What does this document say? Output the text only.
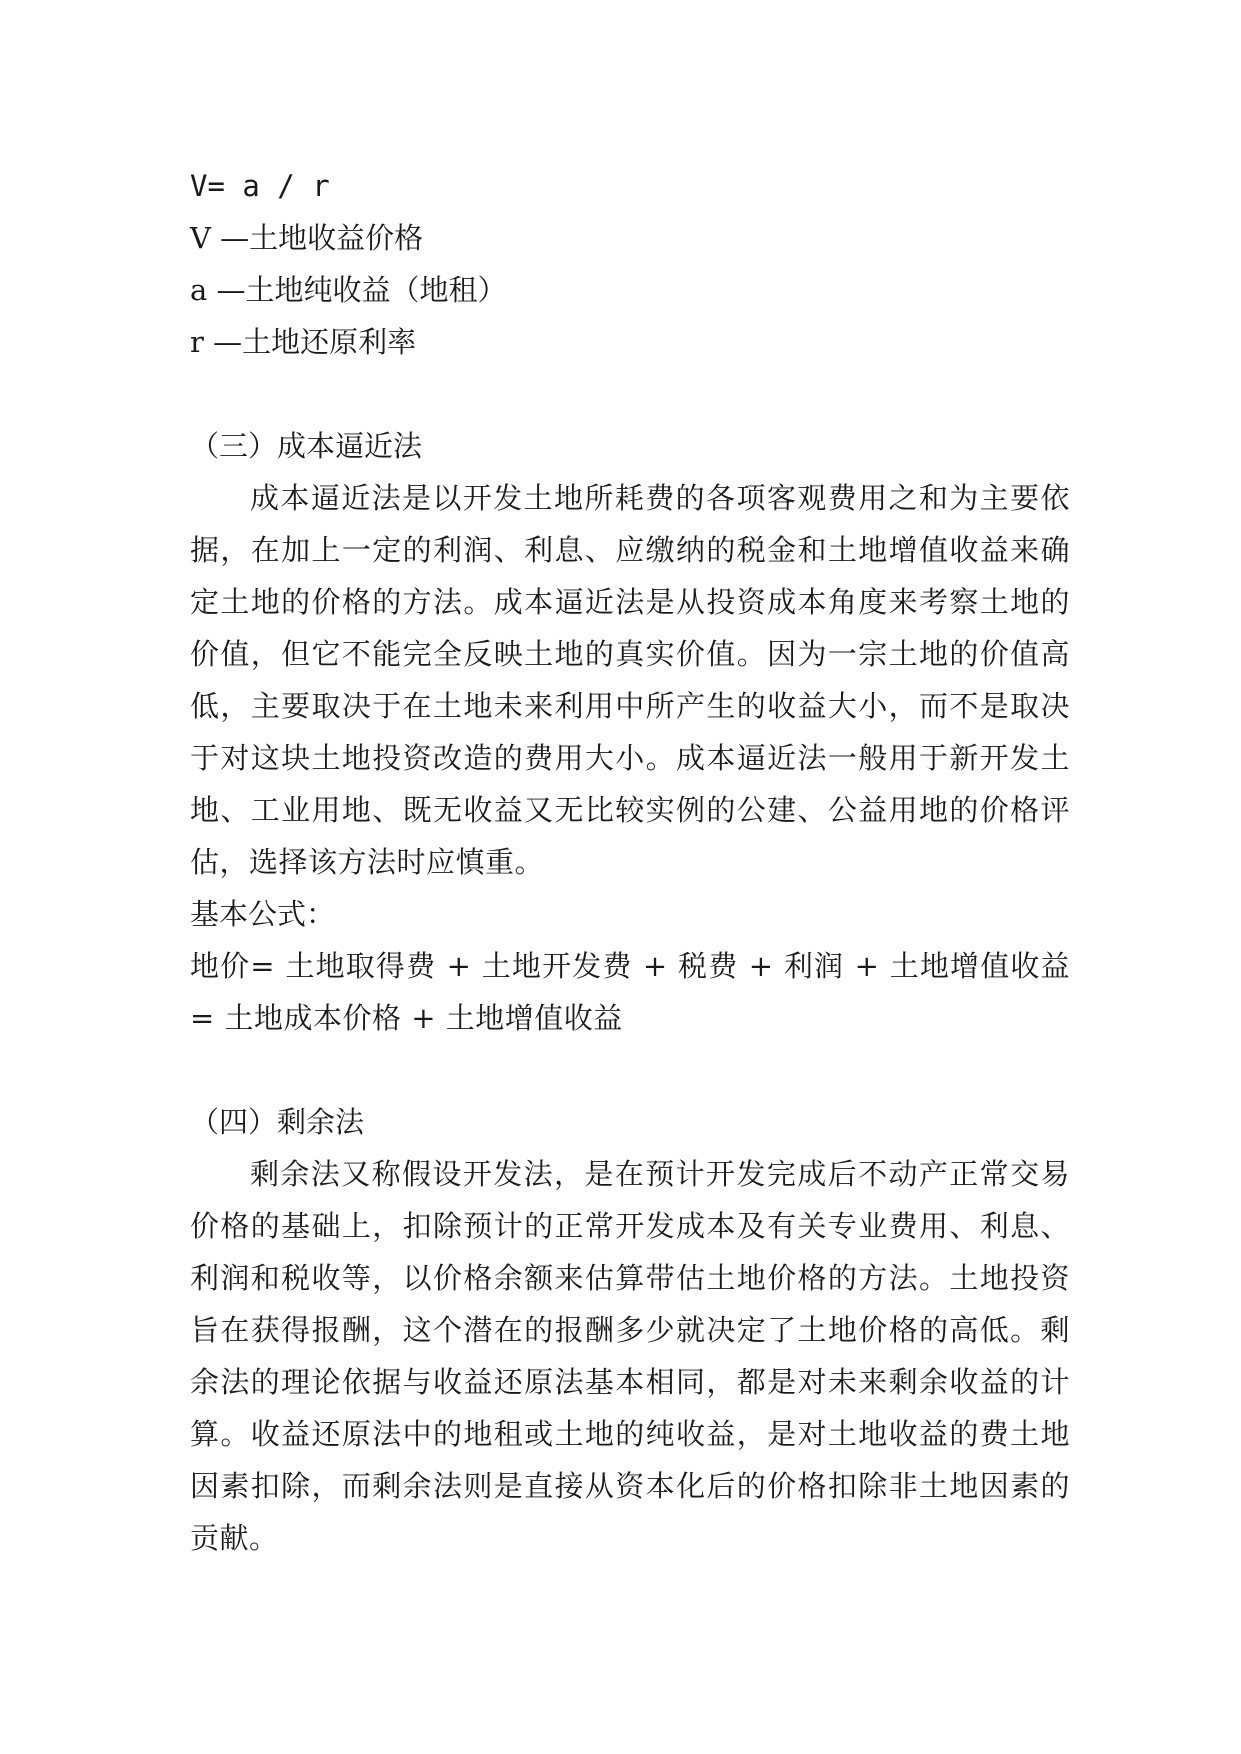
V= a / r
V —土地收益价格
a —土地纯收益（地租）
r —土地还原利率
（三）成本逼近法

成本逼近法是以开发土地所耗费的各项客观费用之和为主要依据，在加上一定的利润、利息、应缴纳的税金和土地增值收益来确定土地的价格的方法。成本逼近法是从投资成本角度来考察土地的价值，但它不能完全反映土地的真实价值。因为一宗土地的价值高低，主要取决于在土地未来利用中所产生的收益大小，而不是取决于对这块土地投资改造的费用大小。成本逼近法一般用于新开发土地、工业用地、既无收益又无比较实例的公建、公益用地的价格评估，选择该方法时应慎重。

基本公式：

地价= 土地取得费 + 土地开发费 + 税费 + 利润 + 土地增值收益 = 土地成本价格 + 土地增值收益

（四）剩余法

剩余法又称假设开发法，是在预计开发完成后不动产正常交易价格的基础上，扣除预计的正常开发成本及有关专业费用、利息、利润和税收等，以价格余额来估算带估土地价格的方法。土地投资旨在获得报酬，这个潜在的报酬多少就决定了土地价格的高低。剩余法的理论依据与收益还原法基本相同，都是对未来剩余收益的计算。收益还原法中的地租或土地的纯收益，是对土地收益的费土地因素扣除，而剩余法则是直接从资本化后的价格扣除非土地因素的贡献。
